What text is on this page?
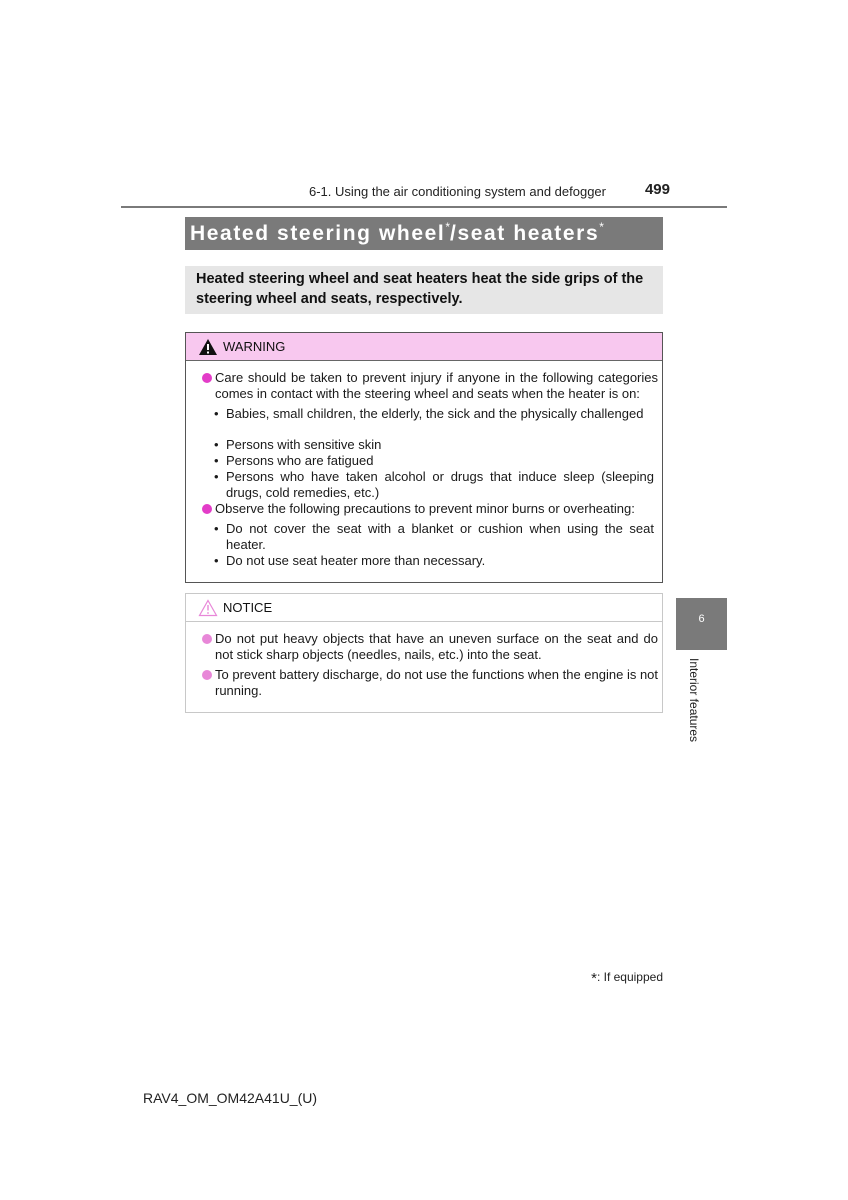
6-1. Using the air conditioning system and defogger	499
Heated steering wheel*/seat heaters*
Heated steering wheel and seat heaters heat the side grips of the steering wheel and seats, respectively.
WARNING
Care should be taken to prevent injury if anyone in the following categories comes in contact with the steering wheel and seats when the heater is on:
• Babies, small children, the elderly, the sick and the physically challenged
• Persons with sensitive skin
• Persons who are fatigued
• Persons who have taken alcohol or drugs that induce sleep (sleeping drugs, cold remedies, etc.)
Observe the following precautions to prevent minor burns or overheating:
• Do not cover the seat with a blanket or cushion when using the seat heater.
• Do not use seat heater more than necessary.
NOTICE
Do not put heavy objects that have an uneven surface on the seat and do not stick sharp objects (needles, nails, etc.) into the seat.
To prevent battery discharge, do not use the functions when the engine is not running.
6
Interior features
*: If equipped
RAV4_OM_OM42A41U_(U)
